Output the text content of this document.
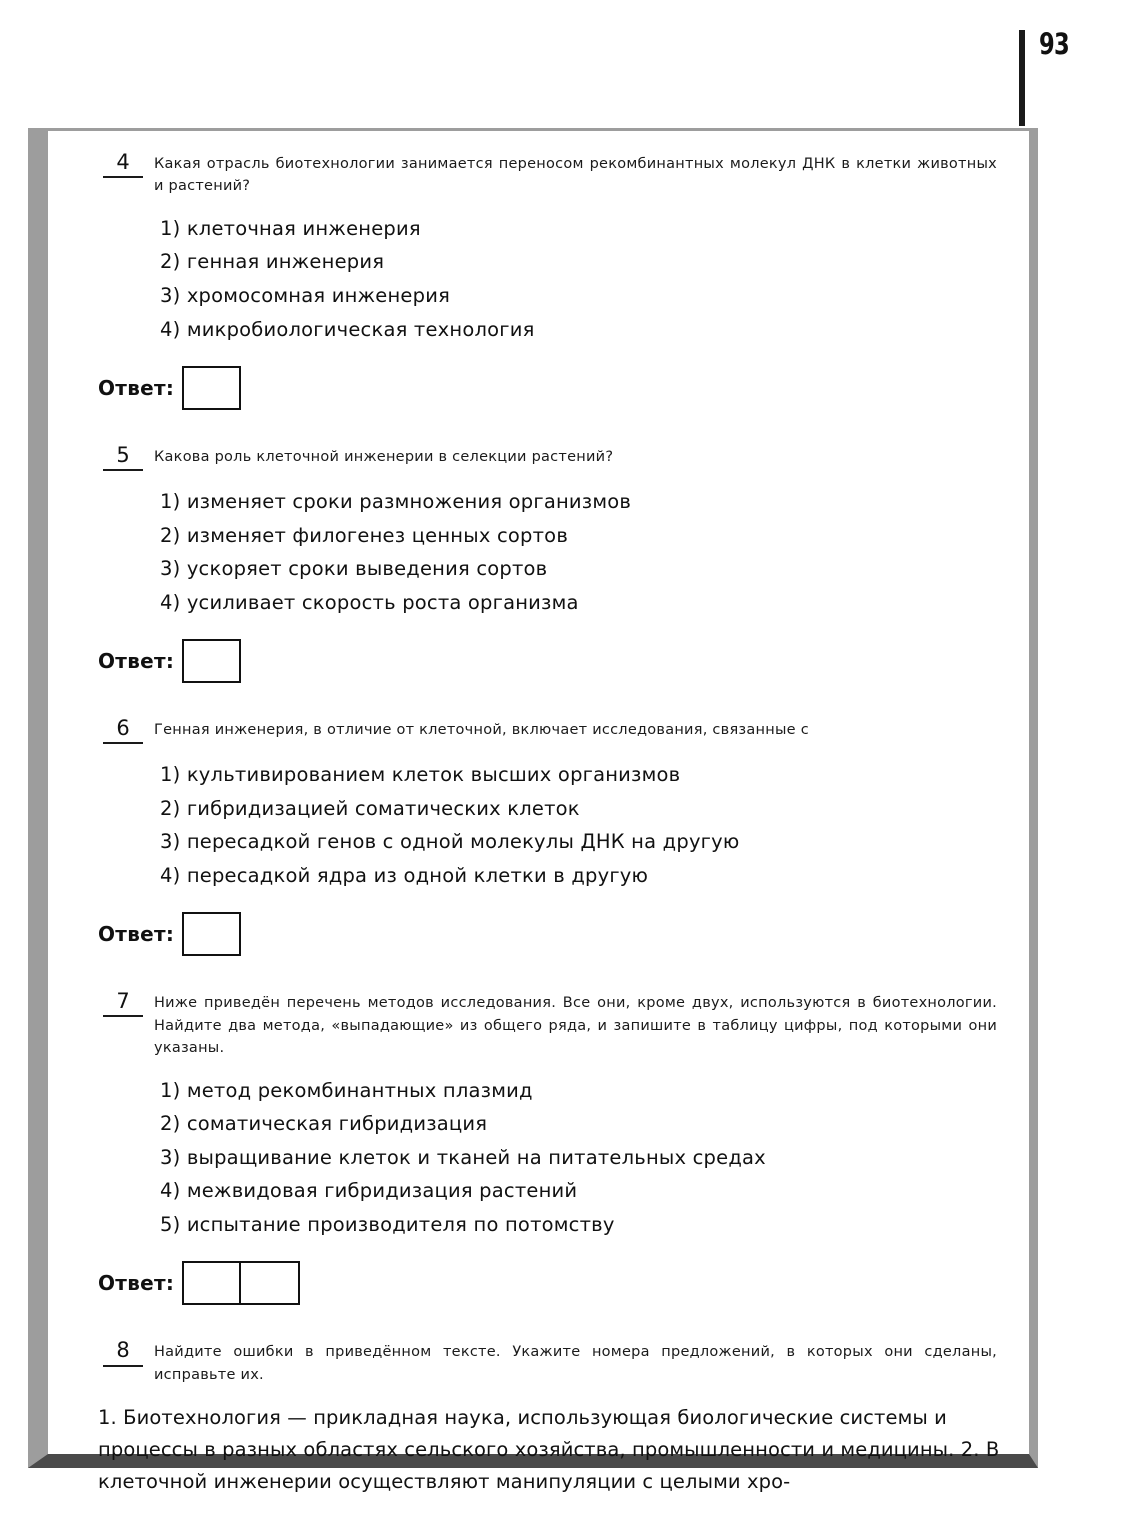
93
4	Какая отрасль биотехнологии занимается переносом рекомбинантных молекул ДНК в клетки животных и растений?
1) клеточная инженерия
2) генная инженерия
3) хромосомная инженерия
4) микробиологическая технология
Ответ:
5	Какова роль клеточной инженерии в селекции растений?
1) изменяет сроки размножения организмов
2) изменяет филогенез ценных сортов
3) ускоряет сроки выведения сортов
4) усиливает скорость роста организма
Ответ:
6	Генная инженерия, в отличие от клеточной, включает исследования, связанные с
1) культивированием клеток высших организмов
2) гибридизацией соматических клеток
3) пересадкой генов с одной молекулы ДНК на другую
4) пересадкой ядра из одной клетки в другую
Ответ:
7	Ниже приведён перечень методов исследования. Все они, кроме двух, используются в биотехнологии. Найдите два метода, «выпадающие» из общего ряда, и запишите в таблицу цифры, под которыми они указаны.
1) метод рекомбинантных плазмид
2) соматическая гибридизация
3) выращивание клеток и тканей на питательных средах
4) межвидовая гибридизация растений
5) испытание производителя по потомству
Ответ:
8	Найдите ошибки в приведённом тексте. Укажите номера предложений, в которых они сделаны, исправьте их.
1. Биотехнология — прикладная наука, использующая биологические системы и процессы в разных областях сельского хозяйства, промышленности и медицины. 2. В клеточной инженерии осуществляют манипуляции с целыми хро-
